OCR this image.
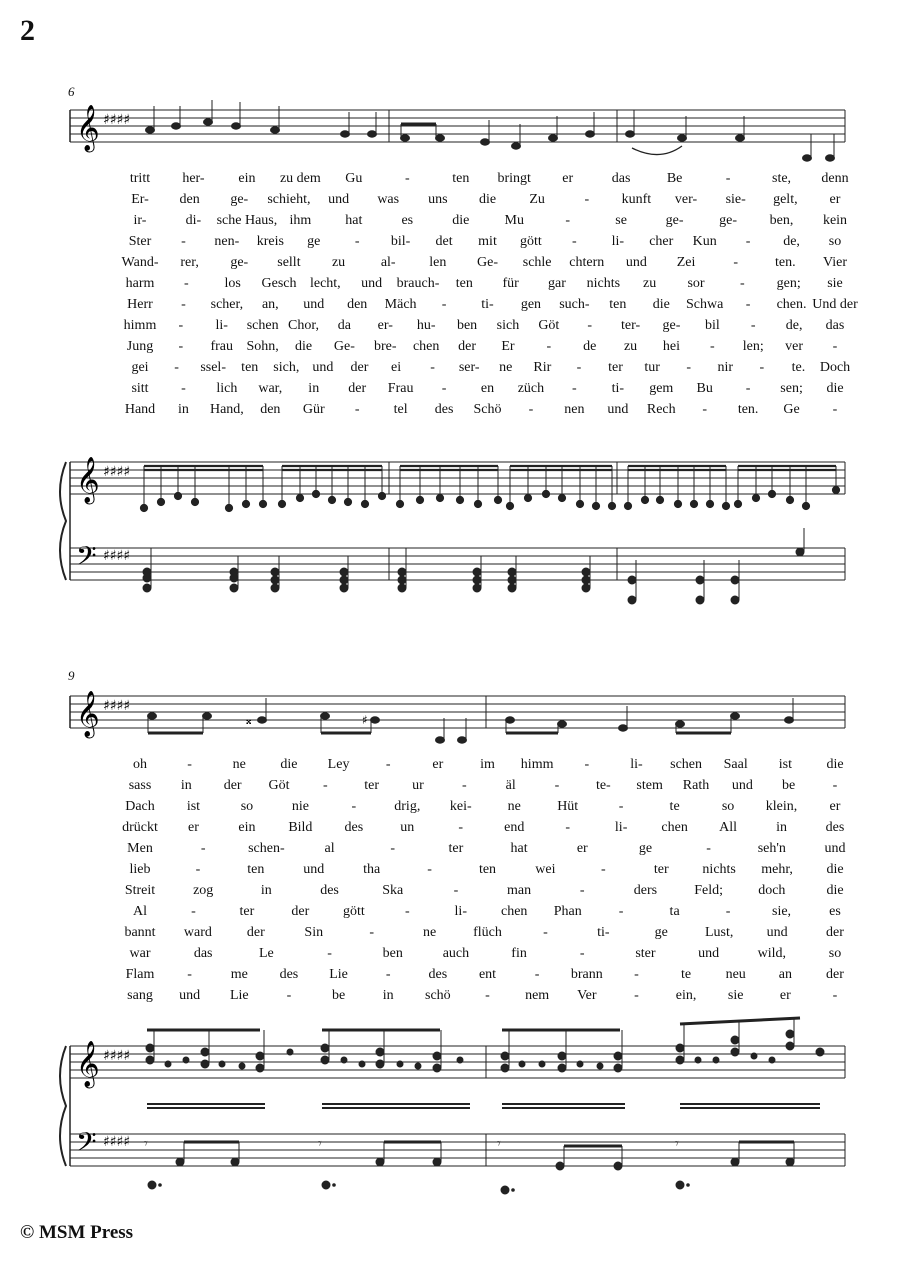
2
6
𝄞 ♯♯♯♯
𝄞 ♯♯♯♯
𝄢 ♯♯♯♯
tritt her- ein zu dem Gu	-	ten bringt er	das	Be	-	ste, denn
Er- den ge- schieht, und was uns die Zu	- kunft ver- sie- gelt, er
ir-	di- sche Haus, ihm hat	es	die	Mu	-	se	ge-	ge- ben, kein
Ster - nen- kreis ge - bil- det mit gött - li- cher Kun - de, so
Wand- rer, ge- sellt zu	al- len Ge- schle chtern und Zei	-	ten. Vier
harm -	los Gesch lecht, und brauch- ten für gar nichts zu sor	- gen; sie
Herr - scher, an, und den Mäch - ti- gen such- ten die Schwa - chen. Und der
himm - li- schen Chor, da er- hu- ben sich Göt - ter- ge- bil - de, das
Jung - frau Sohn, die Ge- bre- chen der Er - de zu hei - len; ver -
gei - ssel- ten sich, und der ei - ser- ne Rir - ter tur - nir - te. Doch
sitt - lich war, in der Frau - en züch - ti- gem Bu - sen; die
Hand in Hand, den Gür - tel des Schö - nen und Rech - ten. Ge -
9
𝄞 ♯♯♯♯
𝄪	♯
𝄞 ♯♯♯♯
𝄢 ♯♯♯♯ 𝄾	𝄾	𝄾	𝄾
oh	-	ne die Ley	-	er	im himm -	li- schen Saal ist die
sass in der Göt -	ter ur	-	äl	-	te- stem Rath und be	-
Dach ist	so	nie	-	drig, kei-	ne	Hüt	-	te	so klein, er
drückt er	ein Bild des	un	-	end	-	li- chen All	in	des
Men	-	schen-	al	-	ter	hat	er	ge	-	seh'n	und
lieb	-	ten	und	tha	-	ten	wei	-	ter nichts mehr, die
Streit	zog	in	des	Ska	-	man	-	ders	Feld;	doch	die
Al	-	ter	der gött	-	li- chen Phan	-	ta	-	sie,	es
bannt ward der	Sin	-	ne	flüch	-	ti-	ge	Lust, und	der
war	das	Le	-	ben	auch	fin	-	ster	und	wild,	so
Flam -	me des Lie	-	des ent	- brann -	te neu an der
sang und Lie	-	be	in schö -	nem Ver	-	ein, sie	er	-
© MSM Press
